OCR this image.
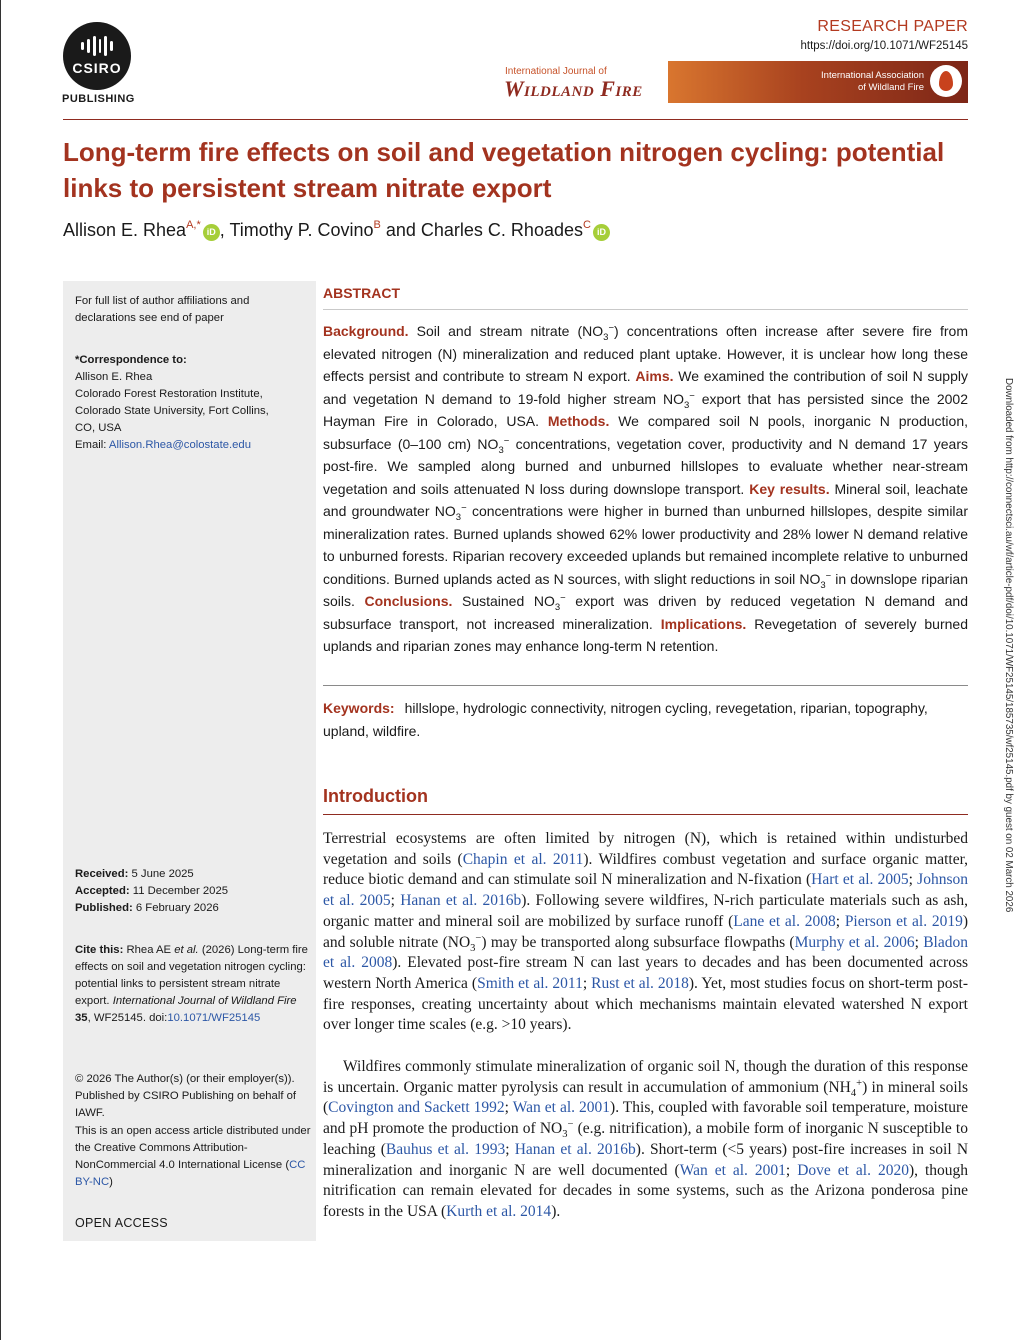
CSIRO
PUBLISHING
RESEARCH PAPER
https://doi.org/10.1071/WF25145
International Journal of
Wildland Fire
International Association
of Wildland Fire
Long-term fire effects on soil and vegetation nitrogen cycling: potential links to persistent stream nitrate export
Allison E. Rhea$^{A,*}$iD , Timothy P. Covino$^B$ and Charles C. Rhoades$^C$iD
For full list of author affiliations and declarations see end of paper
*Correspondence to:
Allison E. Rhea
Colorado Forest Restoration Institute,
Colorado State University, Fort Collins,
CO, USA
Email: Allison.Rhea@colostate.edu
Received: 5 June 2025
Accepted: 11 December 2025
Published: 6 February 2026
Cite this: Rhea AE et al. (2026) Long-term fire effects on soil and vegetation nitrogen cycling: potential links to persistent stream nitrate export. International Journal of Wildland Fire 35, WF25145. doi:10.1071/WF25145
© 2026 The Author(s) (or their employer(s)). Published by CSIRO Publishing on behalf of IAWF.
This is an open access article distributed under the Creative Commons Attribution-NonCommercial 4.0 International License (CC BY-NC)
OPEN ACCESS
ABSTRACT
Background. Soil and stream nitrate $(NO_3^-)$ concentrations often increase after severe fire from elevated nitrogen (N) mineralization and reduced plant uptake. However, it is unclear how long these effects persist and contribute to stream N export. Aims. We examined the contribution of soil N supply and vegetation N demand to 19-fold higher stream $NO_3^-$ export that has persisted since the 2002 Hayman Fire in Colorado, USA. Methods. We compared soil N pools, inorganic N production, subsurface (0–100 cm) $NO_3^-$ concentrations, vegetation cover, productivity and N demand 17 years post-fire. We sampled along burned and unburned hillslopes to evaluate whether near-stream vegetation and soils attenuated N loss during downslope transport. Key results. Mineral soil, leachate and groundwater $NO_3^-$ concentrations were higher in burned than unburned hillslopes, despite similar mineralization rates. Burned uplands showed 62% lower productivity and 28% lower N demand relative to unburned forests. Riparian recovery exceeded uplands but remained incomplete relative to unburned conditions. Burned uplands acted as N sources, with slight reductions in soil $NO_3^-$ in downslope riparian soils. Conclusions. Sustained $NO_3^-$ export was driven by reduced vegetation N demand and subsurface transport, not increased mineralization. Implications. Revegetation of severely burned uplands and riparian zones may enhance long-term N retention.
Keywords: hillslope, hydrologic connectivity, nitrogen cycling, revegetation, riparian, topography, upland, wildfire.
Introduction
Terrestrial ecosystems are often limited by nitrogen (N), which is retained within undisturbed vegetation and soils (Chapin et al. 2011). Wildfires combust vegetation and surface organic matter, reduce biotic demand and can stimulate soil N mineralization and N-fixation (Hart et al. 2005; Johnson et al. 2005; Hanan et al. 2016b). Following severe wildfires, N-rich particulate materials such as ash, organic matter and mineral soil are mobilized by surface runoff (Lane et al. 2008; Pierson et al. 2019) and soluble nitrate $(NO_3^-)$ may be transported along subsurface flowpaths (Murphy et al. 2006; Bladon et al. 2008). Elevated post-fire stream N can last years to decades and has been documented across western North America (Smith et al. 2011; Rust et al. 2018). Yet, most studies focus on short-term post-fire responses, creating uncertainty about which mechanisms maintain elevated watershed N export over longer time scales (e.g. >10 years).
Wildfires commonly stimulate mineralization of organic soil N, though the duration of this response is uncertain. Organic matter pyrolysis can result in accumulation of ammonium $(NH_4^+)$ in mineral soils (Covington and Sackett 1992; Wan et al. 2001). This, coupled with favorable soil temperature, moisture and pH promote the production of $NO_3^-$ (e.g. nitrification), a mobile form of inorganic N susceptible to leaching (Bauhus et al. 1993; Hanan et al. 2016b). Short-term (<5 years) post-fire increases in soil N mineralization and inorganic N are well documented (Wan et al. 2001; Dove et al. 2020), though nitrification can remain elevated for decades in some systems, such as the Arizona ponderosa pine forests in the USA (Kurth et al. 2014).
Downloaded from http://connectsci.au/wf/article-pdf/doi/10.1071/WF25145/185735/wf25145.pdf by guest on 02 March 2026
